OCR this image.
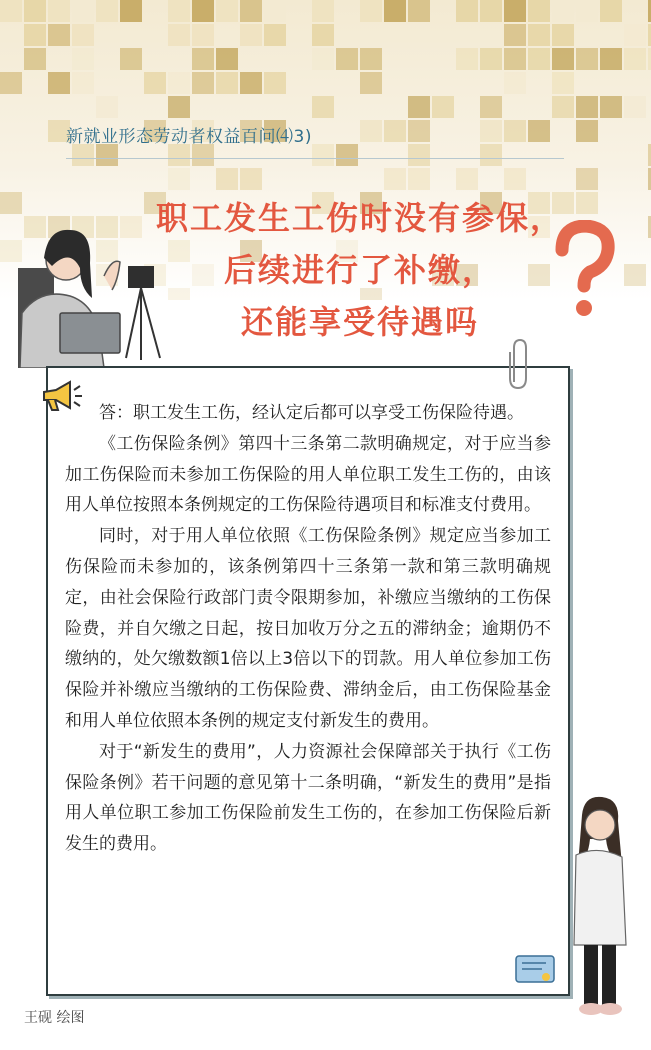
新就业形态劳动者权益百问⑷3)
职工发生工伤时没有参保，
后续进行了补缴，
还能享受待遇吗

答：职工发生工伤，经认定后都可以享受工伤保险待遇。

《工伤保险条例》第四十三条第二款明确规定，对于应当参加工伤保险而未参加工伤保险的用人单位职工发生工伤的，由该用人单位按照本条例规定的工伤保险待遇项目和标准支付费用。

同时，对于用人单位依照《工伤保险条例》规定应当参加工伤保险而未参加的，该条例第四十三条第一款和第三款明确规定，由社会保险行政部门责令限期参加，补缴应当缴纳的工伤保险费，并自欠缴之日起，按日加收万分之五的滞纳金；逾期仍不缴纳的，处欠缴数额1倍以上3倍以下的罚款。用人单位参加工伤保险并补缴应当缴纳的工伤保险费、滞纳金后，由工伤保险基金和用人单位依照本条例的规定支付新发生的费用。

对于“新发生的费用”，人力资源社会保障部关于执行《工伤保险条例》若干问题的意见第十二条明确，“新发生的费用”是指用人单位职工参加工伤保险前发生工伤的，在参加工伤保险后新发生的费用。

王砚 绘图
